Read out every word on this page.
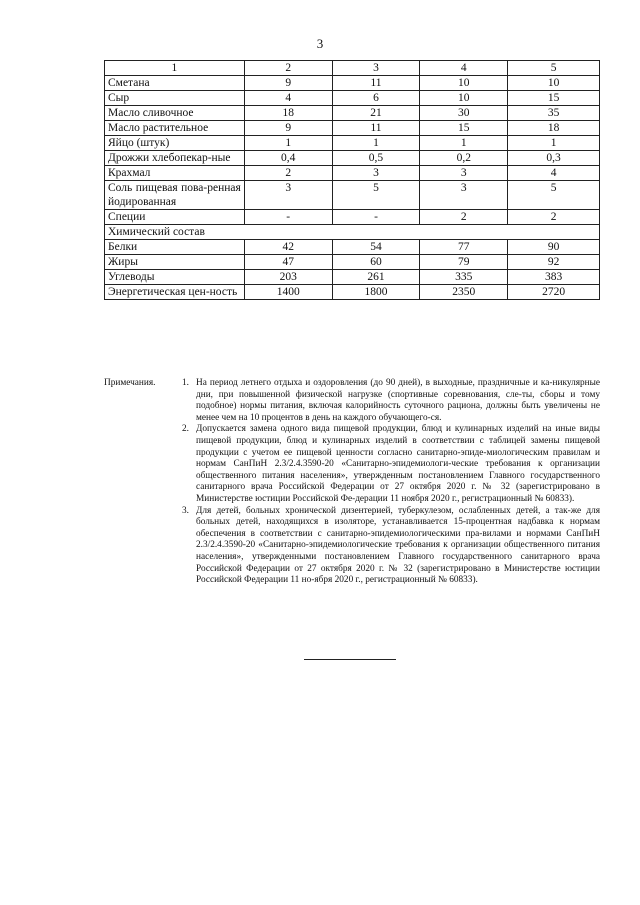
3
1	2	3	4	5
Сметана	9	11	10	10
Сыр	4	6	10	15
Масло сливочное	18	21	30	35
Масло растительное	9	11	15	18
Яйцо (штук)	1	1	1	1
Дрожжи хлебопекар-ные	0,4	0,5	0,2	0,3
Крахмал	2	3	3	4
Соль пищевая пова-ренная йодированная	3	5	3	5
Специи	-	-	2	2
Химический состав				
Белки	42	54	77	90
Жиры	47	60	79	92
Углеводы	203	261	335	383
Энергетическая цен-ность	1400	1800	2350	2720
Примечания.	1. На период летнего отдыха и оздоровления (до 90 дней), в выходные, праздничные и ка-никулярные дни, при повышенной физической нагрузке (спортивные соревнования, сле-ты, сборы и тому подобное) нормы питания, включая калорийность суточного рациона, должны быть увеличены не менее чем на 10 процентов в день на каждого обучающего-ся.
2. Допускается замена одного вида пищевой продукции, блюд и кулинарных изделий на иные виды пищевой продукции, блюд и кулинарных изделий в соответствии с таблицей замены пищевой продукции с учетом ее пищевой ценности согласно санитарно-эпиде-миологическим правилам и нормам СанПиН 2.3/2.4.3590-20 «Санитарно-эпидемиологи-ческие требования к организации общественного питания населения», утвержденным постановлением Главного государственного санитарного врача Российской Федерации от 27 октября 2020 г. № 32 (зарегистрировано в Министерстве юстиции Российской Фе-дерации 11 ноября 2020 г., регистрационный № 60833).
3. Для детей, больных хронической дизентерией, туберкулезом, ослабленных детей, а так-же для больных детей, находящихся в изоляторе, устанавливается 15-процентная надбавка к нормам обеспечения в соответствии с санитарно-эпидемиологическими пра-вилами и нормами СанПиН 2.3/2.4.3590-20 «Санитарно-эпидемиологические требования к организации общественного питания населения», утвержденными постановлением Главного государственного санитарного врача Российской Федерации от 27 октября 2020 г. № 32 (зарегистрировано в Министерстве юстиции Российской Федерации 11 но-ября 2020 г., регистрационный № 60833).
